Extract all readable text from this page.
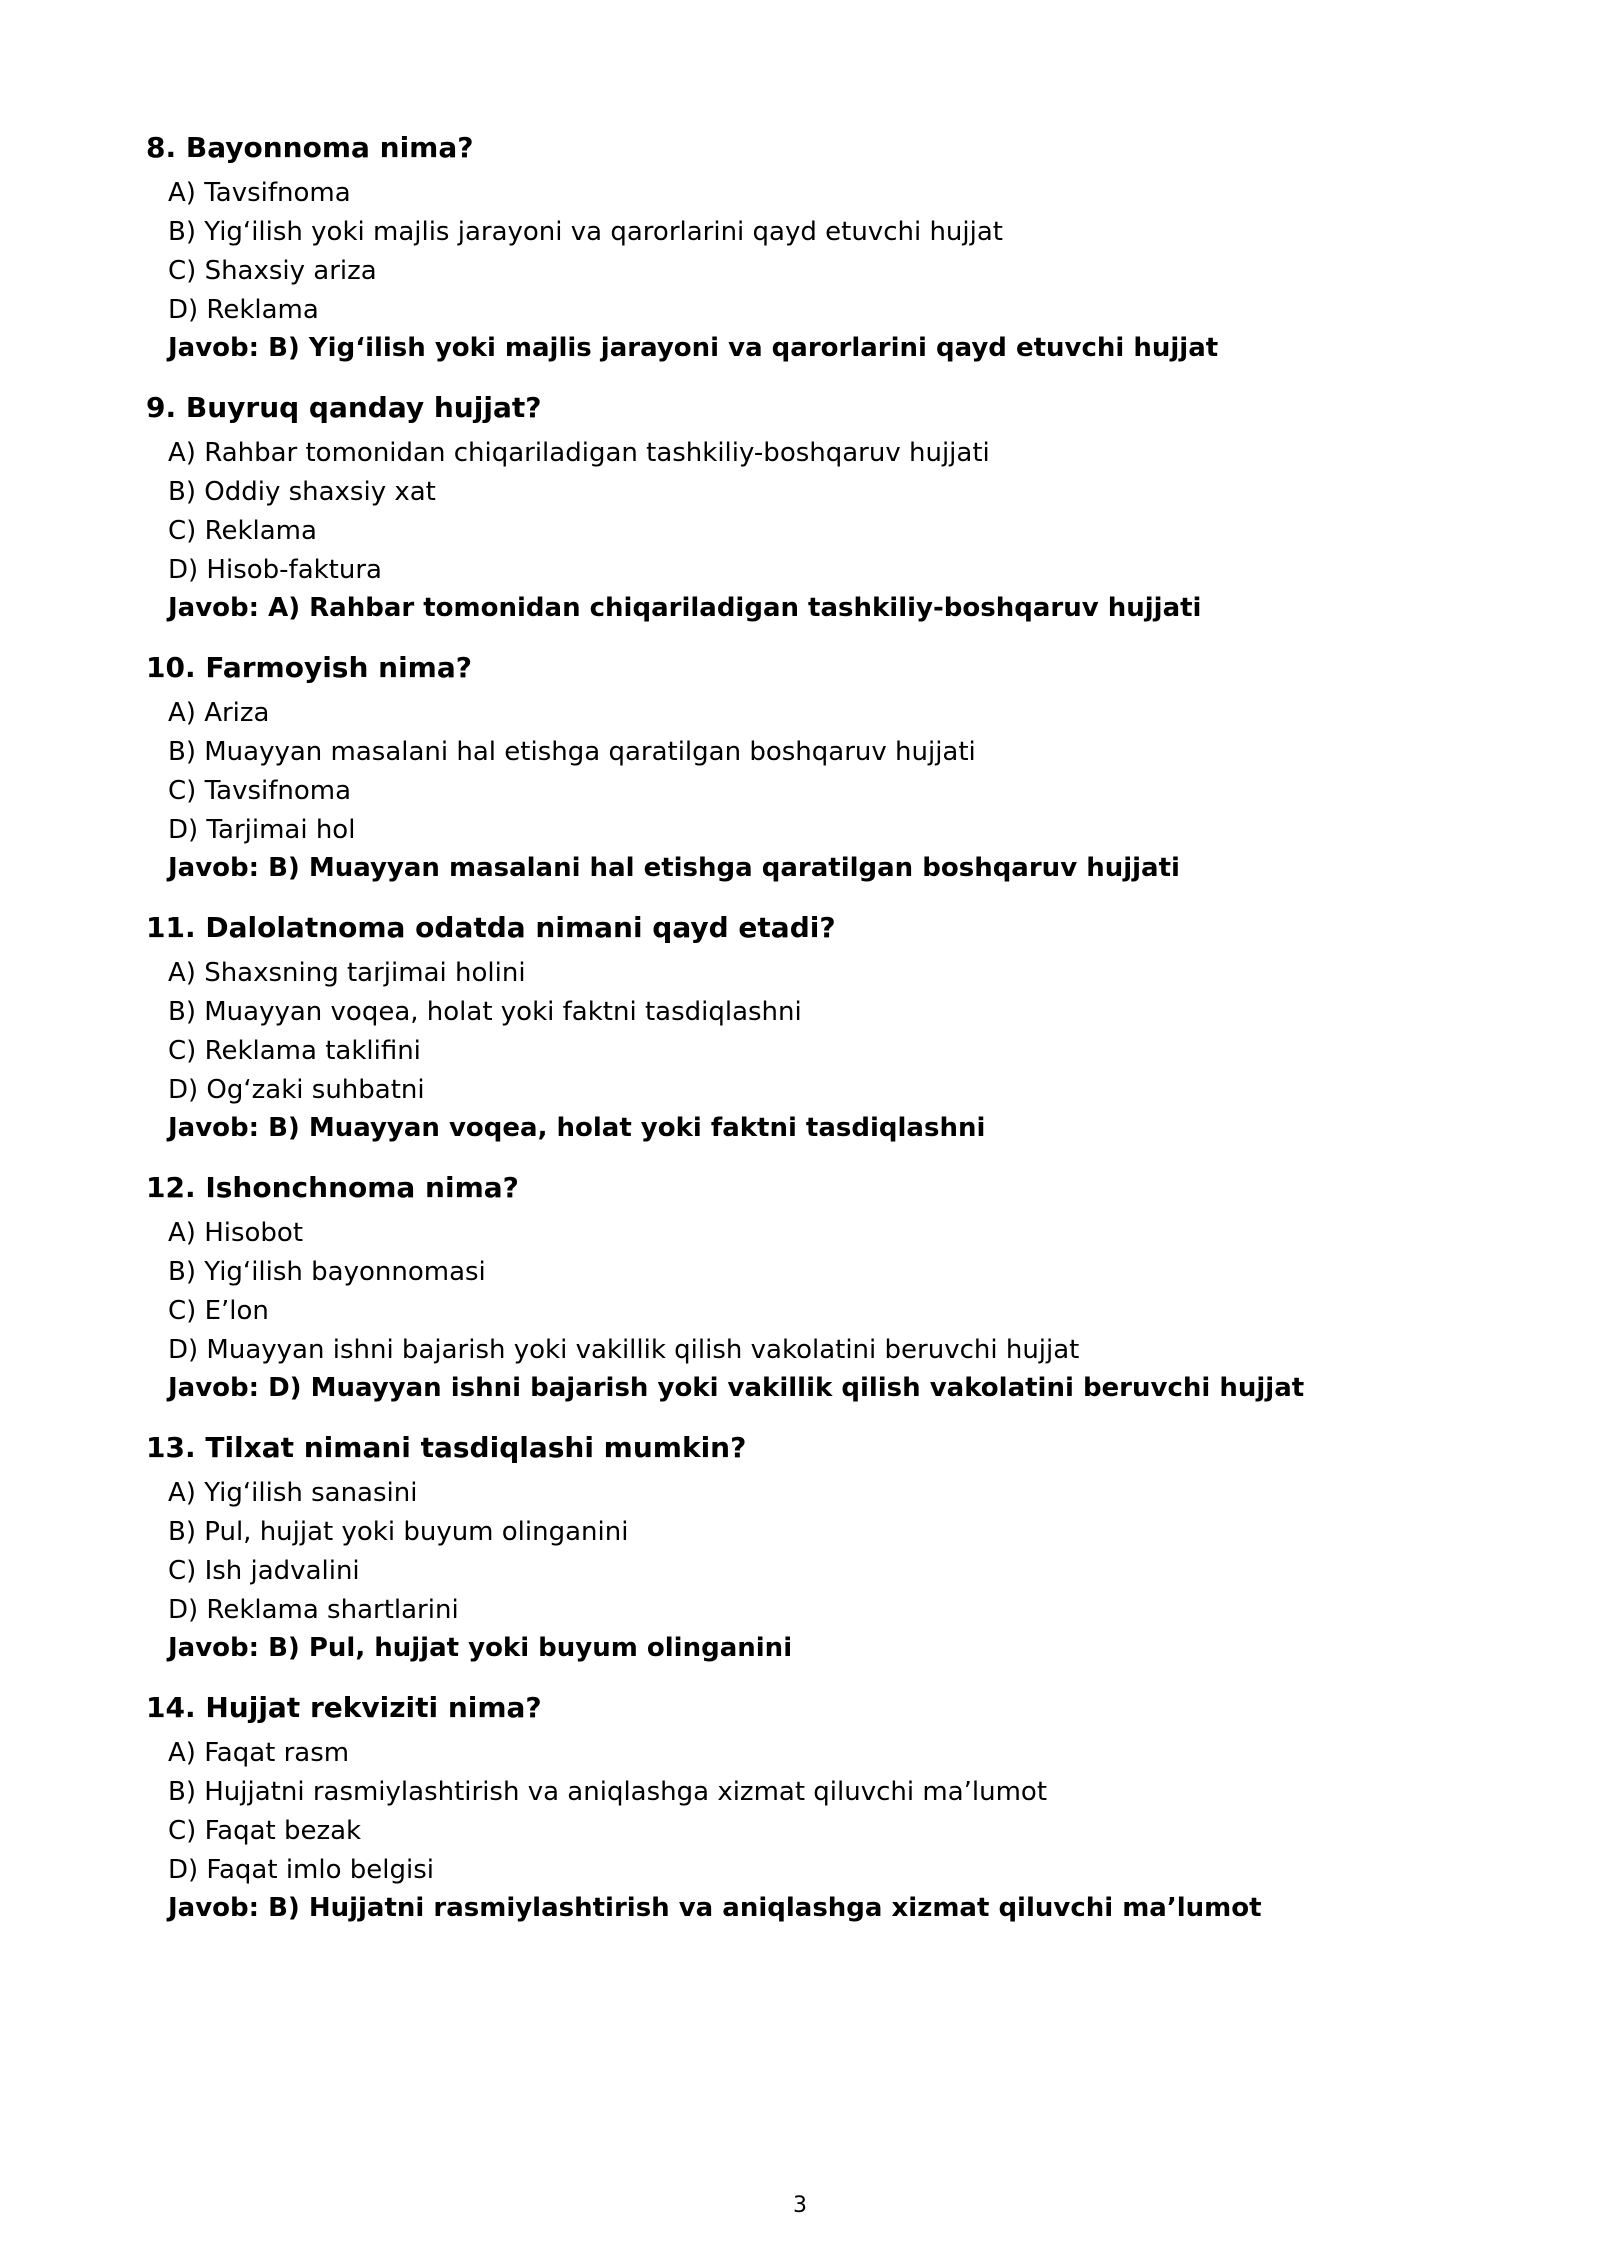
8. Bayonnoma nima?
A) Tavsifnoma
B) Yig‘ilish yoki majlis jarayoni va qarorlarini qayd etuvchi hujjat
C) Shaxsiy ariza
D) Reklama
Javob: B) Yig‘ilish yoki majlis jarayoni va qarorlarini qayd etuvchi hujjat
9. Buyruq qanday hujjat?
A) Rahbar tomonidan chiqariladigan tashkiliy-boshqaruv hujjati
B) Oddiy shaxsiy xat
C) Reklama
D) Hisob-faktura
Javob: A) Rahbar tomonidan chiqariladigan tashkiliy-boshqaruv hujjati
10. Farmoyish nima?
A) Ariza
B) Muayyan masalani hal etishga qaratilgan boshqaruv hujjati
C) Tavsifnoma
D) Tarjimai hol
Javob: B) Muayyan masalani hal etishga qaratilgan boshqaruv hujjati
11. Dalolatnoma odatda nimani qayd etadi?
A) Shaxsning tarjimai holini
B) Muayyan voqea, holat yoki faktni tasdiqlashni
C) Reklama taklifini
D) Og‘zaki suhbatni
Javob: B) Muayyan voqea, holat yoki faktni tasdiqlashni
12. Ishonchnoma nima?
A) Hisobot
B) Yig‘ilish bayonnomasi
C) E’lon
D) Muayyan ishni bajarish yoki vakillik qilish vakolatini beruvchi hujjat
Javob: D) Muayyan ishni bajarish yoki vakillik qilish vakolatini beruvchi hujjat
13. Tilxat nimani tasdiqlashi mumkin?
A) Yig‘ilish sanasini
B) Pul, hujjat yoki buyum olinganini
C) Ish jadvalini
D) Reklama shartlarini
Javob: B) Pul, hujjat yoki buyum olinganini
14. Hujjat rekviziti nima?
A) Faqat rasm
B) Hujjatni rasmiylashtirish va aniqlashga xizmat qiluvchi ma’lumot
C) Faqat bezak
D) Faqat imlo belgisi
Javob: B) Hujjatni rasmiylashtirish va aniqlashga xizmat qiluvchi ma’lumot
3
